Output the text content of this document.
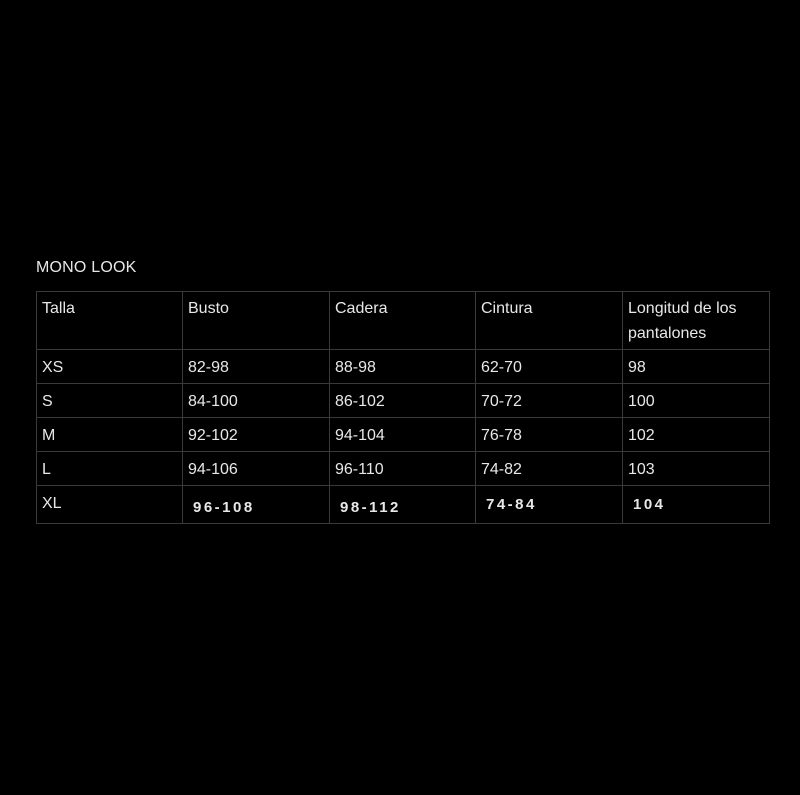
MONO LOOK
Talla	Busto	Cadera	Cintura	Longitud de los pantalones
XS	82-98	88-98	62-70	98
S	84-100	86-102	70-72	100
M	92-102	94-104	76-78	102
L	94-106	96-110	74-82	103
XL	96-108	98-112	74-84	104
